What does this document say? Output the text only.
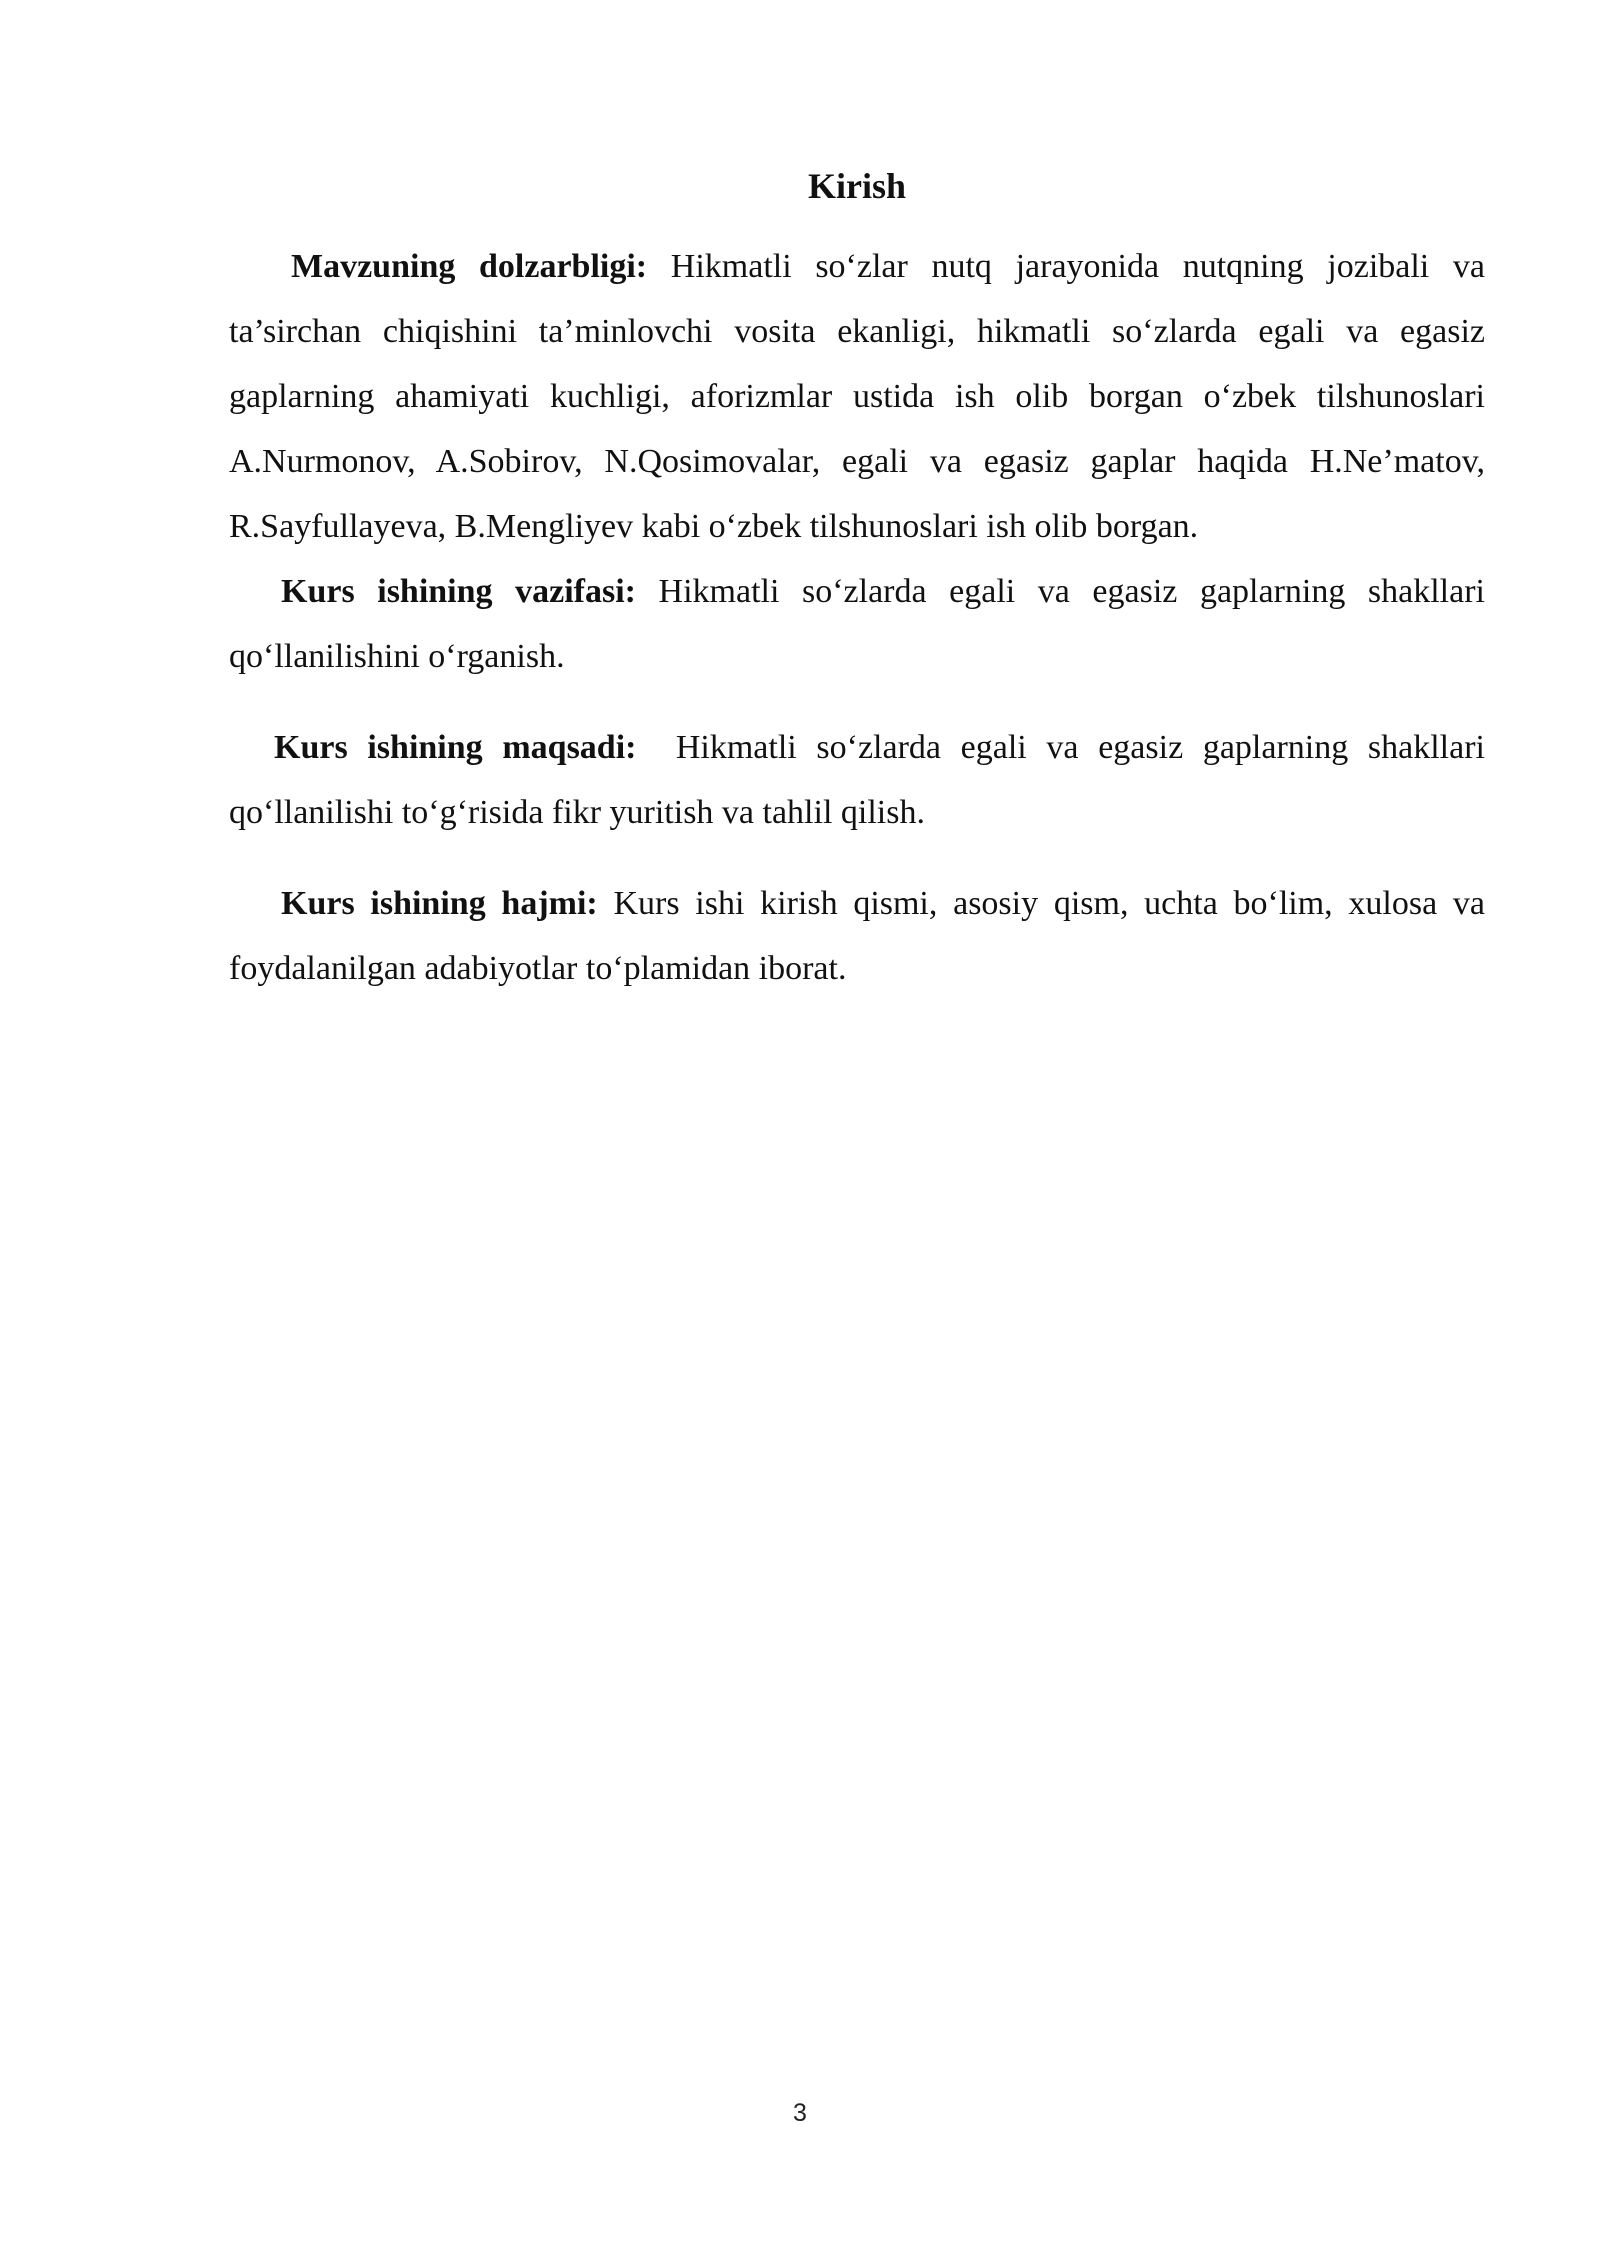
Kirish

Mavzuning dolzarbligi: Hikmatli so‘zlar nutq jarayonida nutqning jozibali va ta’sirchan chiqishini ta’minlovchi vosita ekanligi, hikmatli so‘zlarda egali va egasiz gaplarning ahamiyati kuchligi, aforizmlar ustida ish olib borgan o‘zbek tilshunoslari A.Nurmonov, A.Sobirov, N.Qosimovalar, egali va egasiz gaplar haqida H.Ne’matov, R.Sayfullayeva, B.Mengliyev kabi o‘zbek tilshunoslari ish olib borgan.

Kurs ishining vazifasi: Hikmatli so‘zlarda egali va egasiz gaplarning shakllari qo‘llanilishini o‘rganish.

Kurs ishining maqsadi:  Hikmatli so‘zlarda egali va egasiz gaplarning shakllari qo‘llanilishi to‘g‘risida fikr yuritish va tahlil qilish.

Kurs ishining hajmi: Kurs ishi kirish qismi, asosiy qism, uchta bo‘lim, xulosa va foydalanilgan adabiyotlar to‘plamidan iborat.

3
